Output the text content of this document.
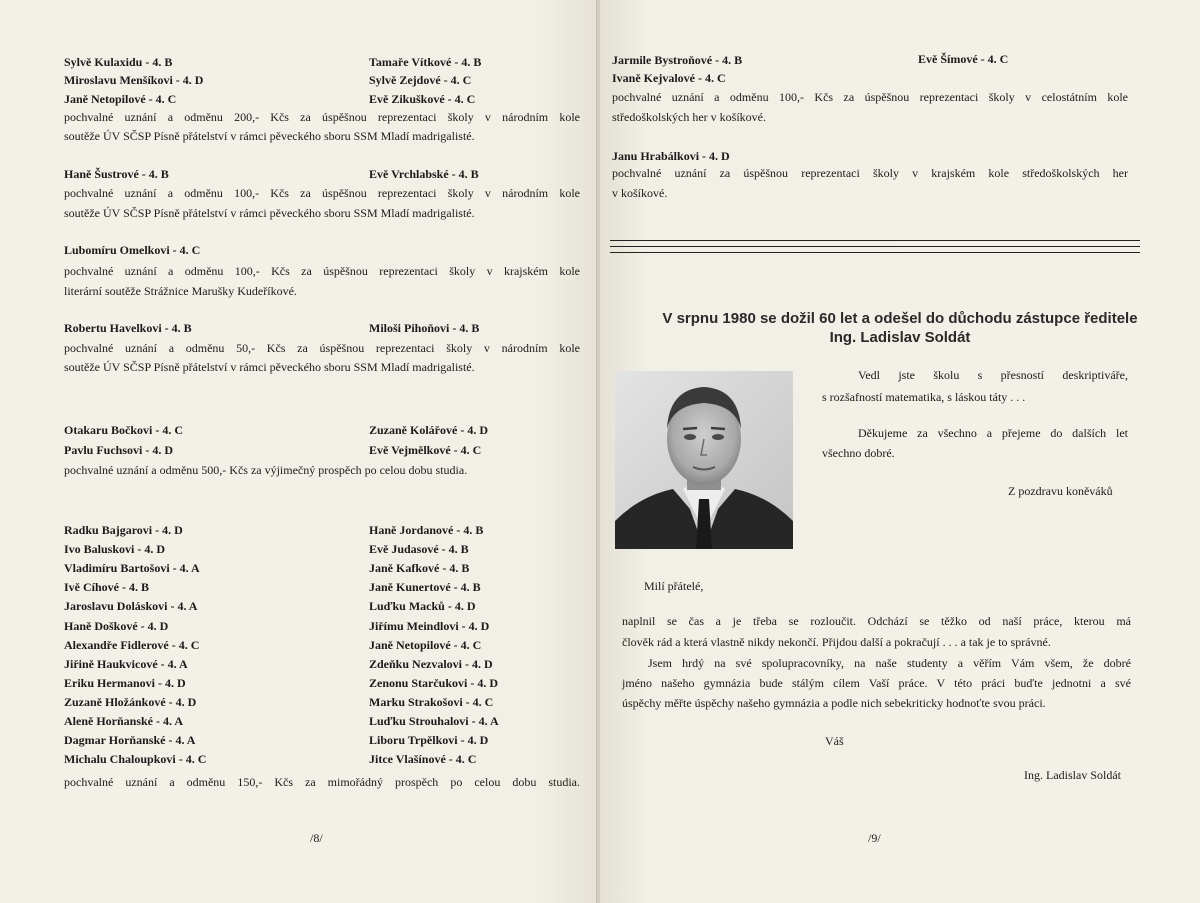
Sylvě Kulaxidu - 4. B
Miroslavu Menšíkovi - 4. D
Janě Netopilové - 4. C
Tamaře Vítkové - 4. B
Sylvě Zejdové - 4. C
Evě Zikuškové - 4. C
pochvalné uznání a odměnu 200,- Kčs za úspěšnou reprezentaci školy v národním kole
soutěže ÚV SČSP Písně přátelství v rámci pěveckého sboru SSM Mladí madrigalisté.
Haně Šustrové - 4. B	Evě Vrchlabské - 4. B
pochvalné uznání a odměnu 100,- Kčs za úspěšnou reprezentaci školy v národním kole
soutěže ÚV SČSP Písně přátelství v rámci pěveckého sboru SSM Mladí madrigalisté.
Lubomíru Omelkovi - 4. C
pochvalné uznání a odměnu 100,- Kčs za úspěšnou reprezentaci školy v krajském kole
literární soutěže Strážnice Marušky Kudeříkové.
Robertu Havelkovi - 4. B	Miloši Pihoňovi - 4. B
pochvalné uznání a odměnu 50,- Kčs za úspěšnou reprezentaci školy v národním kole
soutěže ÚV SČSP Písně přátelství v rámci pěveckého sboru SSM Mladí madrigalisté.
Otakaru Bočkovi - 4. C
Pavlu Fuchsovi - 4. D
Zuzaně Kolářové - 4. D
Evě Vejmělkové - 4. C
pochvalné uznání a odměnu 500,- Kčs za výjimečný prospěch po celou dobu studia.
Radku Bajgarovi - 4. D
Ivo Baluskovi - 4. D
Vladimíru Bartošovi - 4. A
Ivě Cíhové - 4. B
Jaroslavu Doláskovi - 4. A
Haně Doškové - 4. D
Alexandře Fidlerové - 4. C
Jiřině Haukvicové - 4. A
Eriku Hermanovi - 4. D
Zuzaně Hložánkové - 4. D
Aleně Horňanské - 4. A
Dagmar Horňanské - 4. A
Michalu Chaloupkovi - 4. C
Haně Jordanové - 4. B
Evě Judasové - 4. B
Janě Kafkové - 4. B
Janě Kunertové - 4. B
Luďku Macků - 4. D
Jiřímu Meindlovi - 4. D
Janě Netopilové - 4. C
Zdeňku Nezvalovi - 4. D
Zenonu Starčukovi - 4. D
Marku Strakošovi - 4. C
Luďku Strouhalovi - 4. A
Liboru Trpělkovi - 4. D
Jitce Vlašínové - 4. C
pochvalné uznání a odměnu 150,- Kčs za mimořádný prospěch po celou dobu studia.
/8/
Jarmile Bystroňové - 4. B
Ivaně Kejvalové - 4. C
Evě Šímové - 4. C
pochvalné uznání a odměnu 100,- Kčs za úspěšnou reprezentaci školy v celostátním kole
středoškolských her v košíkové.
Janu Hrabálkovi - 4. D
pochvalné uznání za úspěšnou reprezentaci školy v krajském kole středoškolských her
v košíkové.
V srpnu 1980 se dožil 60 let a odešel do důchodu zástupce ředitele
Ing. Ladislav Soldát
Vedl jste školu s přesností deskriptiváře,
s rozšafností matematika, s láskou táty . . .
Děkujeme za všechno a přejeme do dalších let
všechno dobré.
Z pozdravu koněváků
Milí přátelé,
naplnil se čas a je třeba se rozloučit. Odchází se těžko od naší práce, kterou má
člověk rád a která vlastně nikdy nekončí. Přijdou další a pokračují . . . a tak je to správné.
Jsem hrdý na své spolupracovníky, na naše studenty a věřím Vám všem, že dobré
jméno našeho gymnázia bude stálým cílem Vaší práce. V této práci buďte jednotni a své
úspěchy měřte úspěchy našeho gymnázia a podle nich sebekriticky hodnoťte svou práci.
Váš
Ing. Ladislav Soldát
/9/
